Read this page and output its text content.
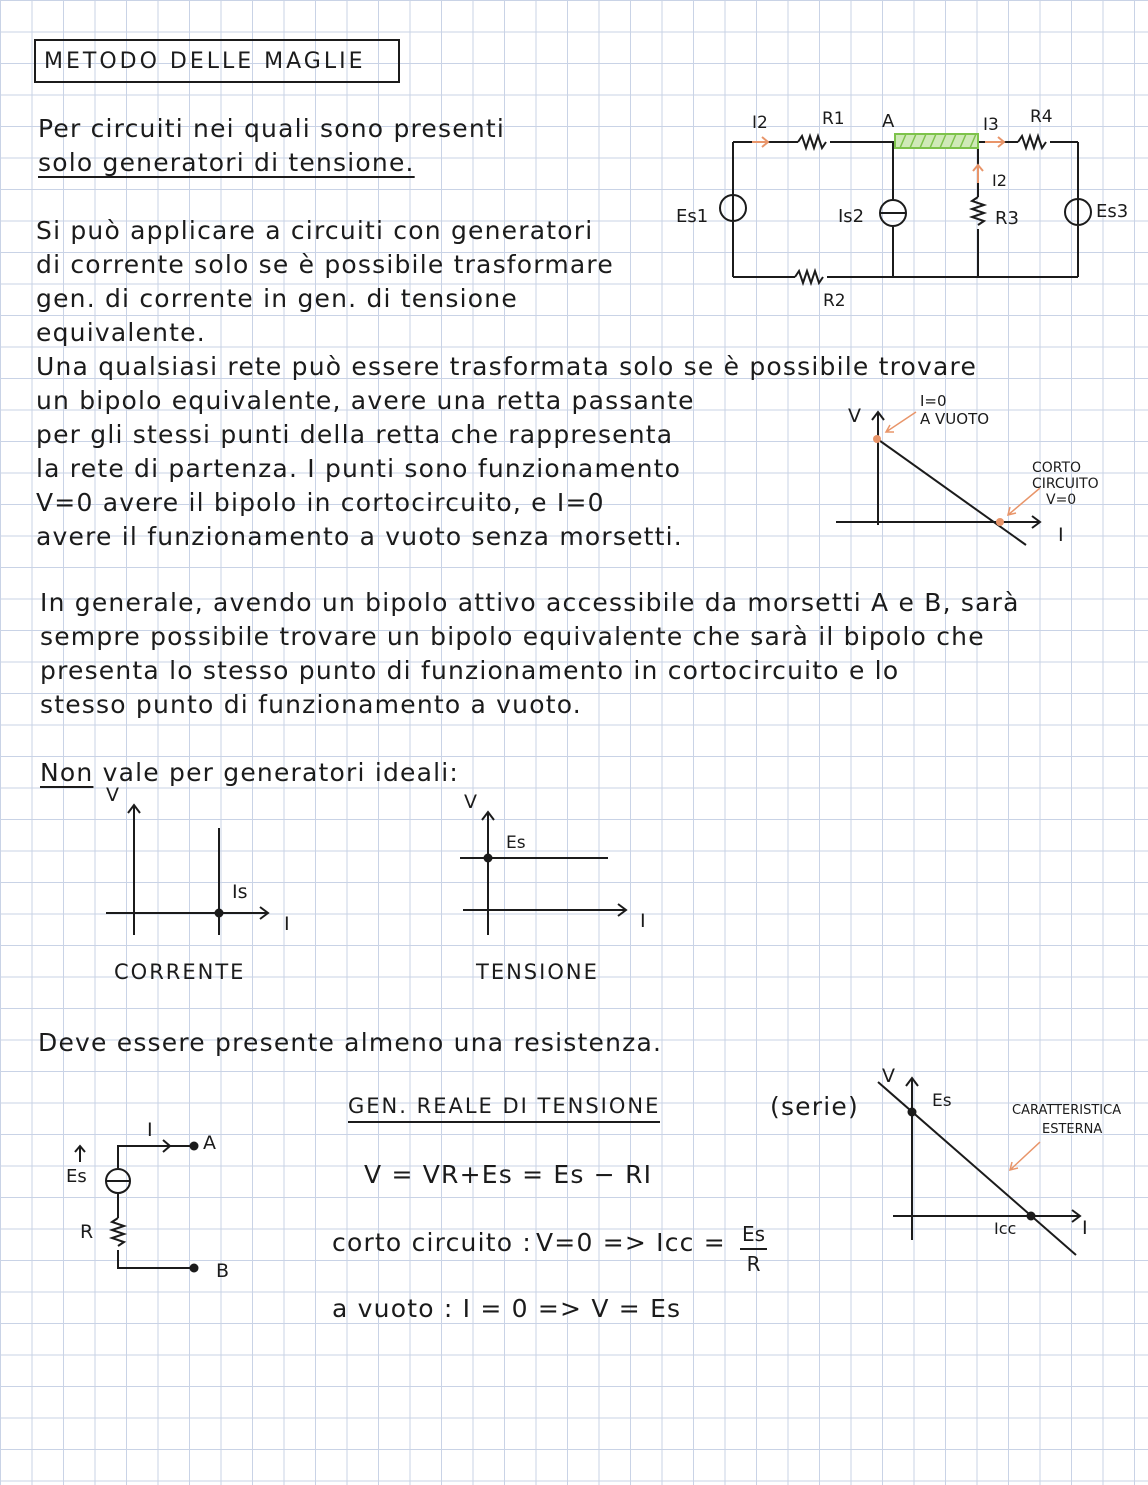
METODO DELLE MAGLIE
Per circuiti nei quali sono presenti
solo generatori di tensione.
Si può applicare a circuiti con generatori
di corrente solo se è possibile trasformare
gen. di corrente in gen. di tensione
equivalente.
Una qualsiasi rete può essere trasformata solo se è possibile trovare
un bipolo equivalente, avere una retta passante
per gli stessi punti della retta che rappresenta
la rete di partenza. I punti sono funzionamento
V=0 avere il bipolo in cortocircuito, e I=0
avere il funzionamento a vuoto senza morsetti.
In generale, avendo un bipolo attivo accessibile da morsetti A e B, sarà
sempre possibile trovare un bipolo equivalente che sarà il bipolo che
presenta lo stesso punto di funzionamento in cortocircuito e lo
stesso punto di funzionamento a vuoto.
Non vale per generatori ideali:
Deve essere presente almeno una resistenza.
GEN. REALE DI TENSIONE	(serie)
V = VR+Es = Es − RI
corto circuito : V=0 => Icc = $\frac{Es}{R}$
a vuoto : I = 0 => V = Es
CORRENTE	TENSIONE
I2	R1 A	I3 R4
I2
Es1	Is2	R3	Es3
R2
V
I
I=0
A VUOTO
CORTO
CIRCUITO
V=0
V
I
Is
V
I
Es
I
A
Es
R
B
V
I
Es
Icc
CARATTERISTICA
ESTERNA
